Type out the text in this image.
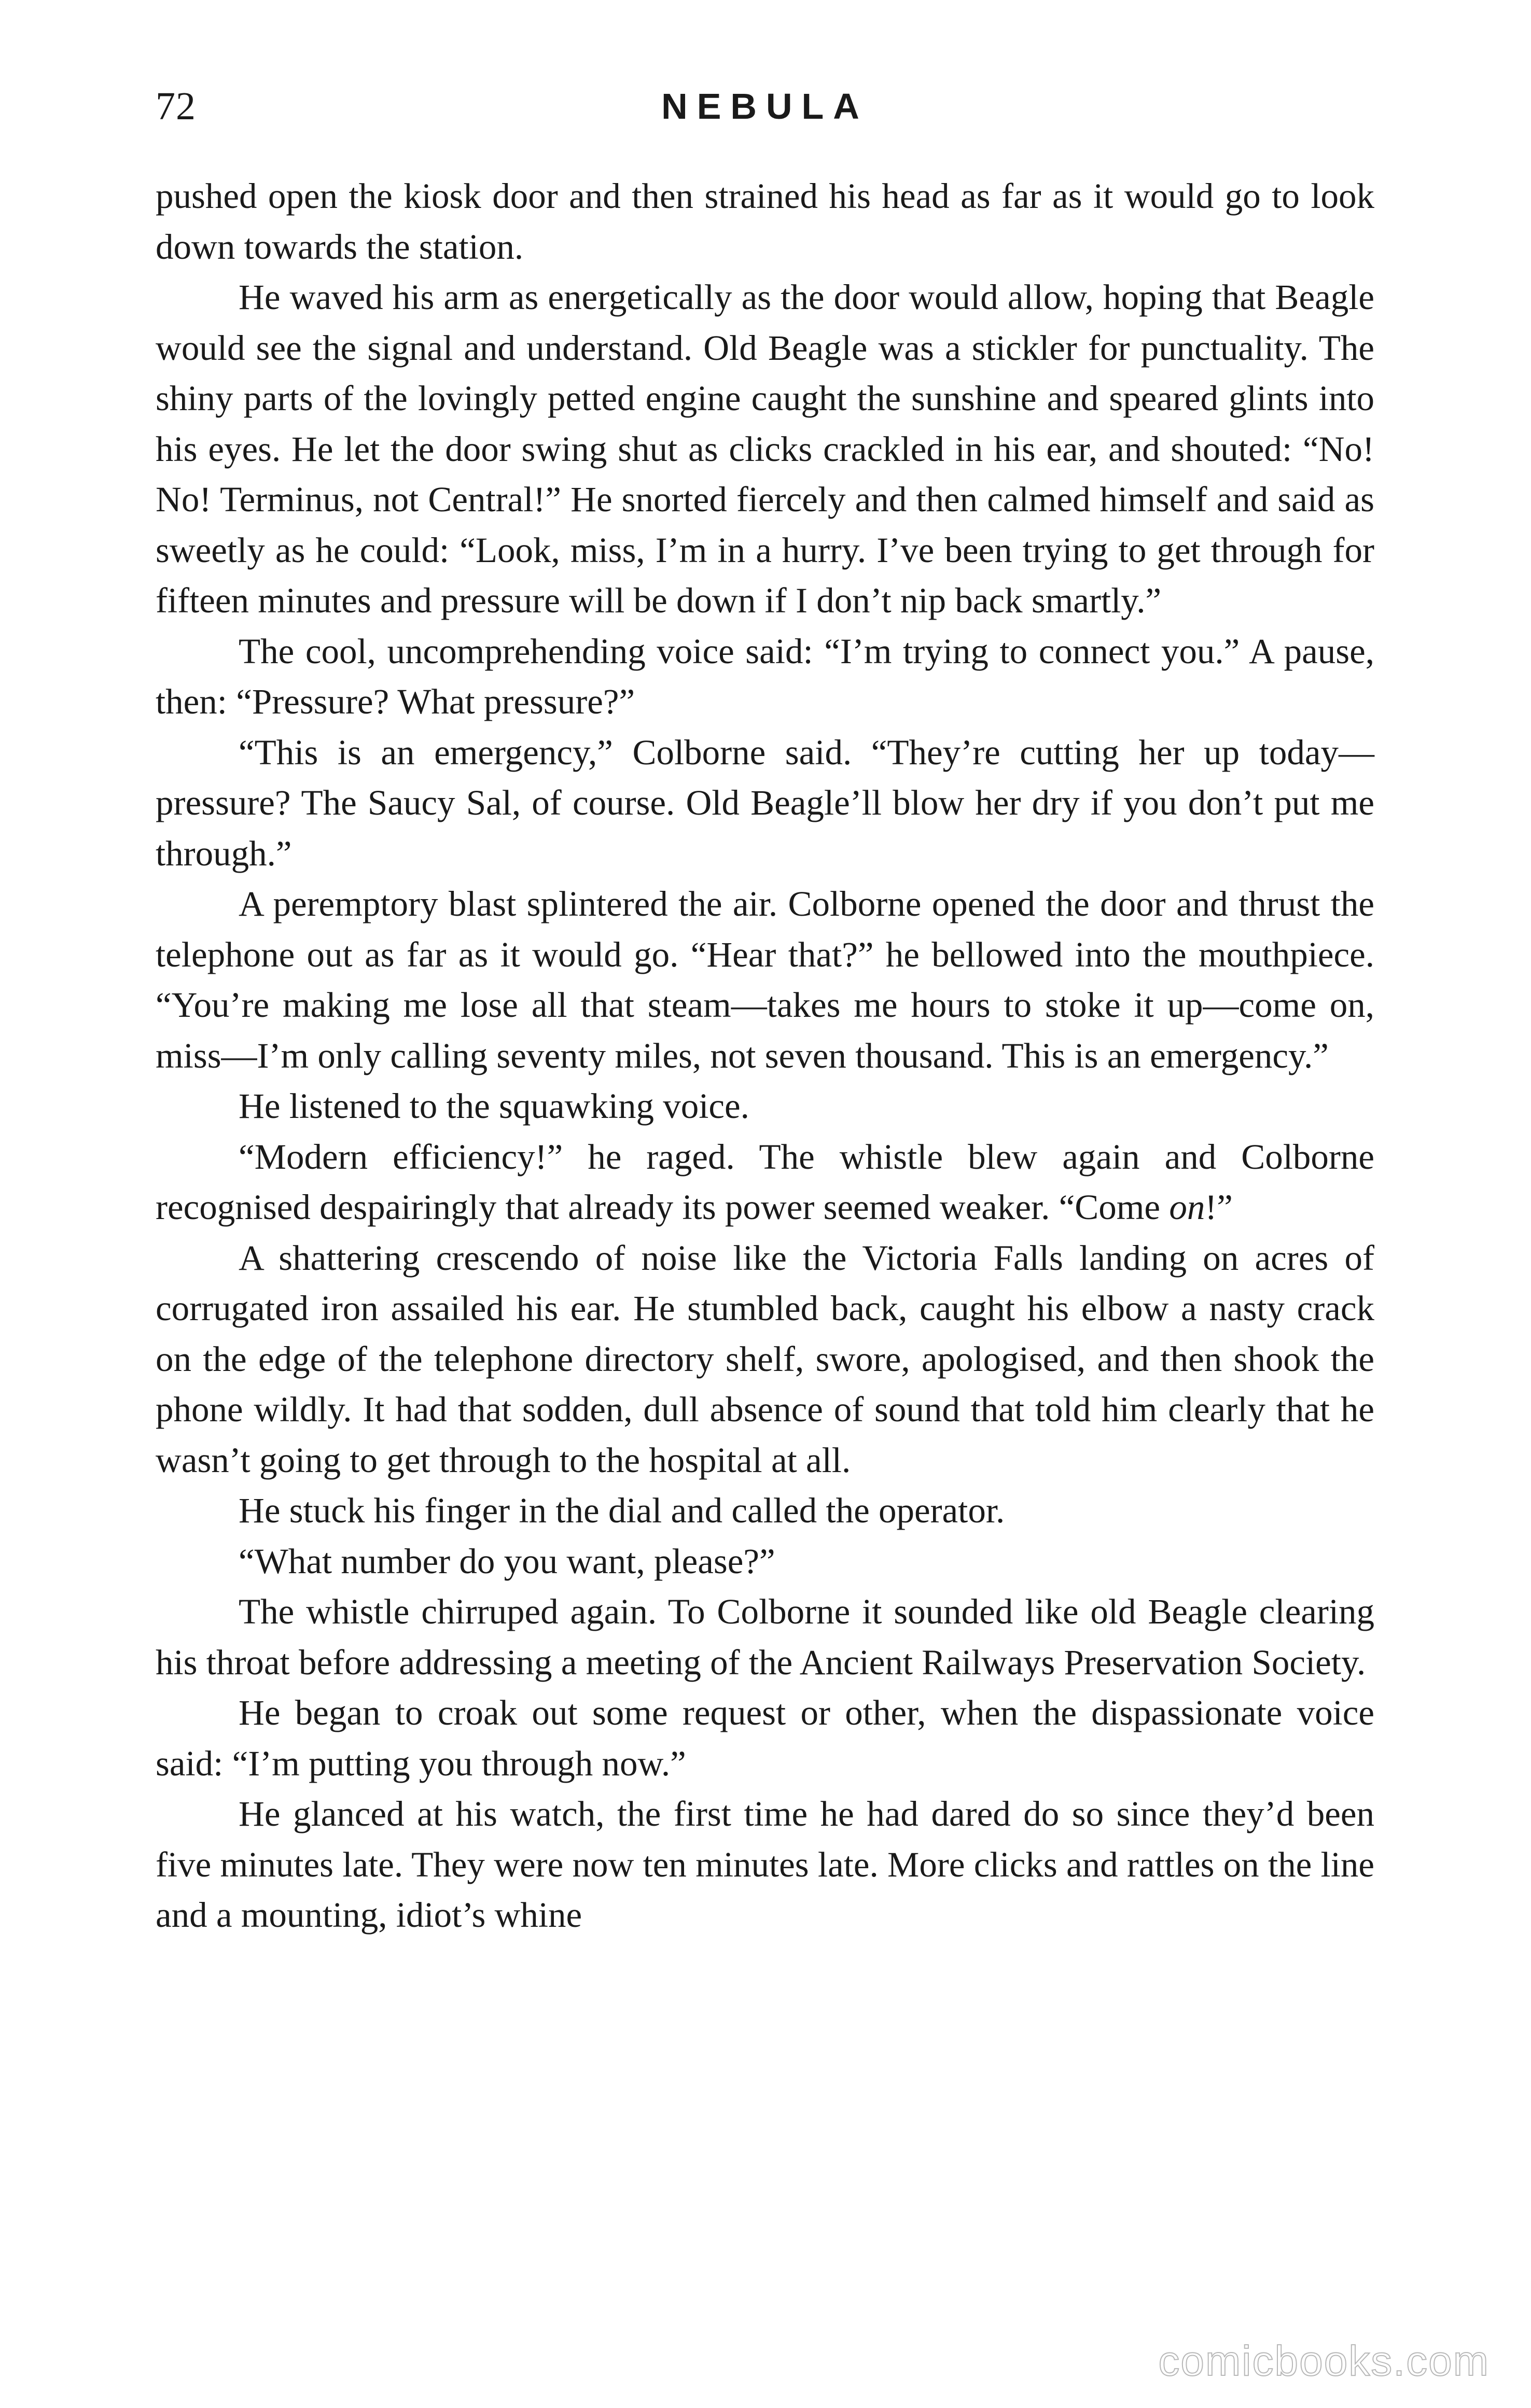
72	NEBULA

pushed open the kiosk door and then strained his head as far as it would go to look down towards the station.

He waved his arm as energetically as the door would allow, hoping that Beagle would see the signal and understand. Old Beagle was a stickler for punctuality. The shiny parts of the lovingly petted engine caught the sunshine and speared glints into his eyes. He let the door swing shut as clicks crackled in his ear, and shouted: “No! No! Terminus, not Central!” He snorted fiercely and then calmed himself and said as sweetly as he could: “Look, miss, I’m in a hurry. I’ve been trying to get through for fifteen minutes and pressure will be down if I don’t nip back smartly.”

The cool, uncomprehending voice said: “I’m trying to connect you.” A pause, then: “Pressure? What pressure?”

“This is an emergency,” Colborne said. “They’re cutting her up today—pressure? The Saucy Sal, of course. Old Beagle’ll blow her dry if you don’t put me through.”

A peremptory blast splintered the air. Colborne opened the door and thrust the telephone out as far as it would go. “Hear that?” he bellowed into the mouthpiece. “You’re making me lose all that steam—takes me hours to stoke it up—come on, miss—I’m only calling seventy miles, not seven thousand. This is an emergency.”

He listened to the squawking voice.

“Modern efficiency!” he raged. The whistle blew again and Colborne recognised despairingly that already its power seemed weaker. “Come on!”

A shattering crescendo of noise like the Victoria Falls landing on acres of corrugated iron assailed his ear. He stumbled back, caught his elbow a nasty crack on the edge of the telephone directory shelf, swore, apologised, and then shook the phone wildly. It had that sodden, dull absence of sound that told him clearly that he wasn’t going to get through to the hospital at all.

He stuck his finger in the dial and called the operator.

“What number do you want, please?”

The whistle chirruped again. To Colborne it sounded like old Beagle clearing his throat before addressing a meeting of the Ancient Railways Preservation Society.

He began to croak out some request or other, when the dispassionate voice said: “I’m putting you through now.”

He glanced at his watch, the first time he had dared do so since they’d been five minutes late. They were now ten minutes late. More clicks and rattles on the line and a mounting, idiot’s whine

comicbooks.com
